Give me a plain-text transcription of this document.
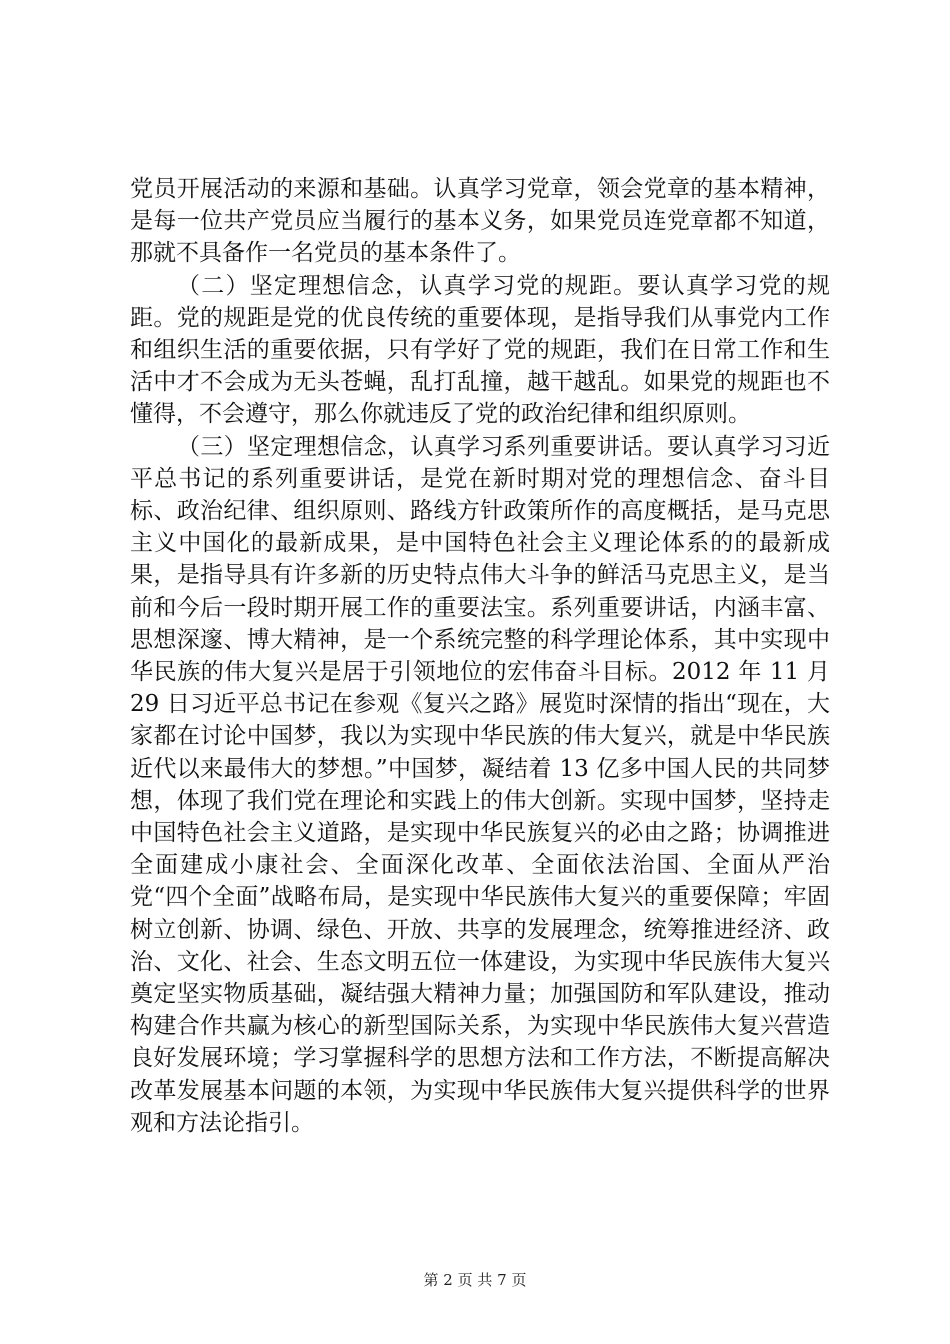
党员开展活动的来源和基础。认真学习党章，领会党章的基本精神，是每一位共产党员应当履行的基本义务，如果党员连党章都不知道，那就不具备作一名党员的基本条件了。

（二）坚定理想信念，认真学习党的规距。要认真学习党的规距。党的规距是党的优良传统的重要体现，是指导我们从事党内工作和组织生活的重要依据，只有学好了党的规距，我们在日常工作和生活中才不会成为无头苍蝇，乱打乱撞，越干越乱。如果党的规距也不懂得，不会遵守，那么你就违反了党的政治纪律和组织原则。

（三）坚定理想信念，认真学习系列重要讲话。要认真学习习近平总书记的系列重要讲话，是党在新时期对党的理想信念、奋斗目标、政治纪律、组织原则、路线方针政策所作的高度概括，是马克思主义中国化的最新成果，是中国特色社会主义理论体系的的最新成果，是指导具有许多新的历史特点伟大斗争的鲜活马克思主义，是当前和今后一段时期开展工作的重要法宝。系列重要讲话，内涵丰富、思想深邃、博大精神，是一个系统完整的科学理论体系，其中实现中华民族的伟大复兴是居于引领地位的宏伟奋斗目标。2012 年 11 月 29 日习近平总书记在参观《复兴之路》展览时深情的指出“现在，大家都在讨论中国梦，我以为实现中华民族的伟大复兴，就是中华民族近代以来最伟大的梦想。”中国梦，凝结着 13 亿多中国人民的共同梦想，体现了我们党在理论和实践上的伟大创新。实现中国梦，坚持走中国特色社会主义道路，是实现中华民族复兴的必由之路；协调推进全面建成小康社会、全面深化改革、全面依法治国、全面从严治党“四个全面”战略布局，是实现中华民族伟大复兴的重要保障；牢固树立创新、协调、绿色、开放、共享的发展理念，统筹推进经济、政治、文化、社会、生态文明五位一体建设，为实现中华民族伟大复兴奠定坚实物质基础，凝结强大精神力量；加强国防和军队建设，推动构建合作共赢为核心的新型国际关系，为实现中华民族伟大复兴营造良好发展环境；学习掌握科学的思想方法和工作方法，不断提高解决改革发展基本问题的本领，为实现中华民族伟大复兴提供科学的世界观和方法论指引。

第 2 页 共 7 页
